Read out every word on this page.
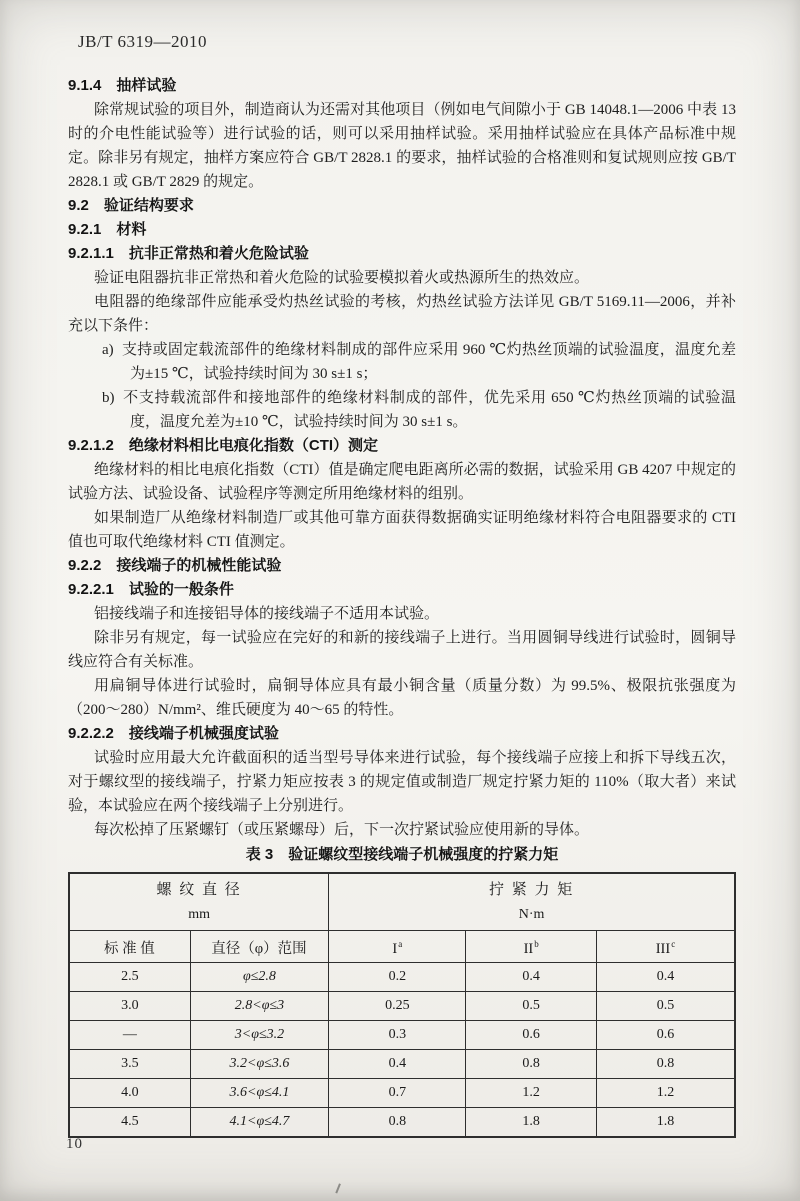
JB/T 6319—2010
9.1.4　抽样试验

除常规试验的项目外，制造商认为还需对其他项目（例如电气间隙小于 GB 14048.1—2006 中表 13 时的介电性能试验等）进行试验的话，则可以采用抽样试验。采用抽样试验应在具体产品标准中规定。除非另有规定，抽样方案应符合 GB/T 2828.1 的要求，抽样试验的合格准则和复试规则应按 GB/T 2828.1 或 GB/T 2829 的规定。

9.2　验证结构要求
9.2.1　材料
9.2.1.1　抗非正常热和着火危险试验

验证电阻器抗非正常热和着火危险的试验要模拟着火或热源所生的热效应。

电阻器的绝缘部件应能承受灼热丝试验的考核，灼热丝试验方法详见 GB/T 5169.11—2006，并补充以下条件：

a) 支持或固定载流部件的绝缘材料制成的部件应采用 960 ℃灼热丝顶端的试验温度，温度允差为±15 ℃，试验持续时间为 30 s±1 s；
b) 不支持载流部件和接地部件的绝缘材料制成的部件，优先采用 650 ℃灼热丝顶端的试验温度，温度允差为±10 ℃，试验持续时间为 30 s±1 s。
9.2.1.2　绝缘材料相比电痕化指数（CTI）测定

绝缘材料的相比电痕化指数（CTI）值是确定爬电距离所必需的数据，试验采用 GB 4207 中规定的试验方法、试验设备、试验程序等测定所用绝缘材料的组别。

如果制造厂从绝缘材料制造厂或其他可靠方面获得数据确实证明绝缘材料符合电阻器要求的 CTI 值也可取代绝缘材料 CTI 值测定。

9.2.2　接线端子的机械性能试验
9.2.2.1　试验的一般条件

铝接线端子和连接铝导体的接线端子不适用本试验。

除非另有规定，每一试验应在完好的和新的接线端子上进行。当用圆铜导线进行试验时，圆铜导线应符合有关标准。

用扁铜导体进行试验时，扁铜导体应具有最小铜含量（质量分数）为 99.5%、极限抗张强度为（200～280）N/mm²、维氏硬度为 40～65 的特性。

9.2.2.2　接线端子机械强度试验

试验时应用最大允许截面积的适当型号导体来进行试验，每个接线端子应接上和拆下导线五次，对于螺纹型的接线端子，拧紧力矩应按表 3 的规定值或制造厂规定拧紧力矩的 110%（取大者）来试验，本试验应在两个接线端子上分别进行。

每次松掉了压紧螺钉（或压紧螺母）后，下一次拧紧试验应使用新的导体。

表 3　验证螺纹型接线端子机械强度的拧紧力矩
螺 纹 直 径
mm

拧 紧 力 矩
N·m

标 准 值	直径（φ）范围	I$^a$	II$^b$	III$^c$
2.5	φ≤2.8	0.2	0.4	0.4
3.0	2.8<φ≤3	0.25	0.5	0.5
—	3<φ≤3.2	0.3	0.6	0.6
3.5	3.2<φ≤3.6	0.4	0.8	0.8
4.0	3.6<φ≤4.1	0.7	1.2	1.2
4.5	4.1<φ≤4.7	0.8	1.8	1.8
10
